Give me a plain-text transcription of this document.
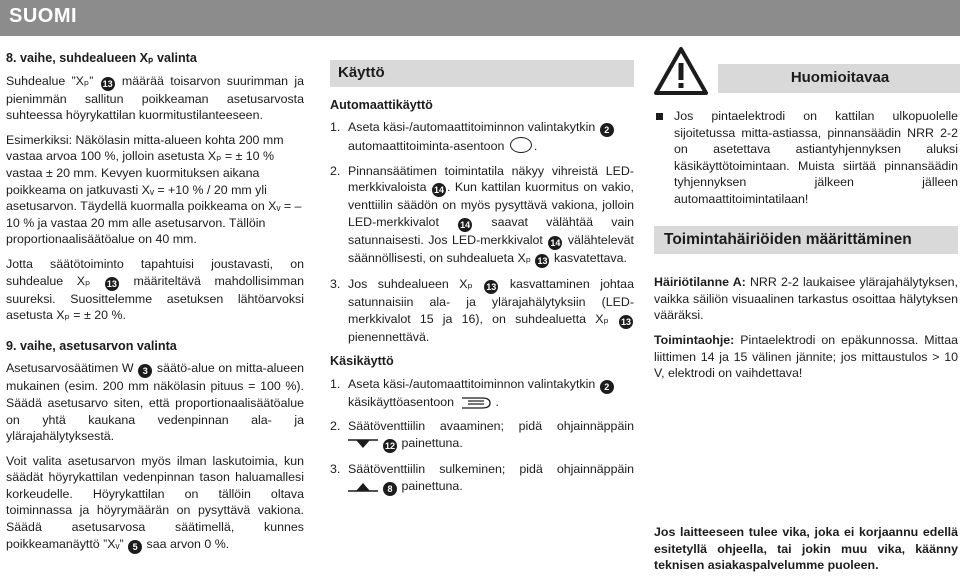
SUOMI
8. vaihe, suhdealueen Xₚ valinta

Suhdealue ”Xₚ” 13 määrää toisarvon suurimman ja pienimmän sallitun poikkeaman asetusarvosta suhteessa höyrykattilan kuormitustilanteeseen.

Esimerkiksi: Näkölasin mitta-alueen kohta 200 mm vastaa arvoa 100 %, jolloin asetusta Xₚ = ± 10 % vastaa ± 20 mm. Kevyen kuormituksen aikana poikkeama on jatkuvasti Xᵥ = +10 % / 20 mm yli asetusarvon. Täydellä kuormalla poikkeama on Xᵥ = –10 % ja vastaa 20 mm alle asetusarvon. Tällöin proportionaalisäätöalue on 40 mm.

Jotta säätötoiminto tapahtuisi joustavasti, on suhdealue Xₚ 13 määriteltävä mahdollisimman suureksi. Suosittelemme asetuksen lähtöarvoksi asetusta Xₚ = ± 20 %.

9. vaihe, asetusarvon valinta

Asetusarvosäätimen W 3 säätö-alue on mitta-alueen mukainen (esim. 200 mm näkölasin pituus = 100 %). Säädä asetusarvo siten, että proportionaalisäätöalue on yhtä kaukana vedenpinnan ala- ja ylärajahälytyksestä.

Voit valita asetusarvon myös ilman laskutoimia, kun säädät höyrykattilan vedenpinnan tason haluamallesi korkeudelle. Höyrykattilan on tällöin oltava toiminnassa ja höyrymäärän on pysyttävä vakiona. Säädä asetusarvosa säätimellä, kunnes poikkeamanäyttö ”Xᵥ” 5 saa arvon 0 %.

Käyttö
Automaattikäyttö
1. Aseta käsi-/automaattitoiminnon valintakytkin 2 automaattitoiminta-asentoon .
2. Pinnansäätimen toimintatila näkyy vihreistä LED-merkkivaloista 14 . Kun kattilan kuormitus on vakio, venttiilin säädön on myös pysyttävä vakiona, jolloin LED-merkkivalot 14 saavat välähtää vain satunnaisesti. Jos LED-merkkivalot 14 välähtelevät säännöllisesti, on suhdealueta Xₚ 13 kasvatettava.
3. Jos suhdealueen Xₚ 13 kasvattaminen johtaa satunnaisiin ala- ja ylärajahälytyksiin (LED-merkkivalot 15 ja 16), on suhdealuetta Xₚ 13 pienennettävä.
Käsikäyttö
1. Aseta käsi-/automaattitoiminnon valintakytkin 2 käsikäyttöasentoon	.
2. Säätöventtiilin avaaminen; pidä ohjainnäppäin 12 painettuna.
3. Säätöventtiilin sulkeminen; pidä ohjainnäppäin 8 painettuna.
Huomioitavaa
Jos pintaelektrodi on kattilan ulkopuolelle sijoitetussa mitta-astiassa, pinnansäädin NRR 2-2 on asetettava astiantyhjennyksen aluksi käsikäyttötoimintaan. Muista siirtää pinnansäädin tyhjennyksen jälkeen jälleen automaattitoimintatilaan!
Toimintahäiriöiden määrittäminen

Häiriötilanne A: NRR 2-2 laukaisee ylärajahälytyksen, vaikka säiliön visuaalinen tarkastus osoittaa hälytyksen vääräksi.

Toimintaohje: Pintaelektrodi on epäkunnossa. Mittaa liittimen 14 ja 15 välinen jännite; jos mittaustulos > 10 V, elektrodi on vaihdettava!

Jos laitteeseen tulee vika, joka ei korjaannu edellä esitetyllä ohjeella, tai jokin muu vika, käänny teknisen asiakaspalvelumme puoleen.
